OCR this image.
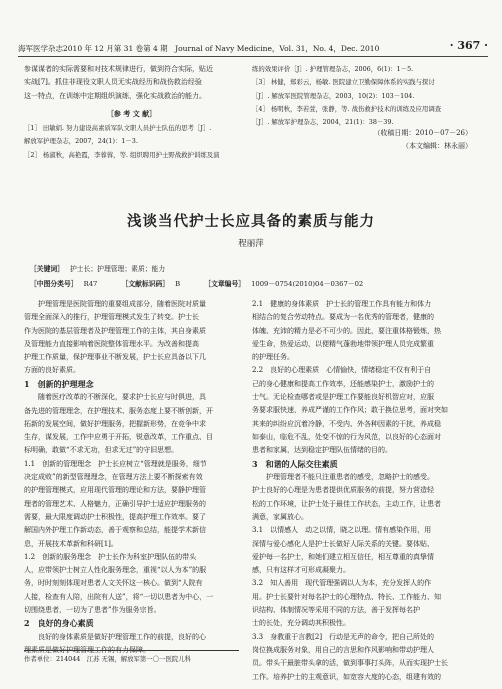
海军医学杂志2010 年 12 月第 31 卷第 4 期　Journal of Navy Medicine，Vol. 31，No. 4，Dec. 2010	· 367 ·

参谋谋者的实际需要和对技术规律进行，做到符合实际，贴近

实战[7]。抓住非现役文职人员无实战经历和战伤救治经验

这一特点，在训练中定期组织演练，强化实战救治的能力。

［参 考 文 献］

［1］ 田敏娟. 努力建设高素质军队文职人员护士队伍的思考［J］.

解放军护理杂志，2007，24(1)：1－3.

［2］ 杨淑秋，高艳霞，李蓉蓉，等. 组织聘用护士野战救护训练及演

练的效果评价［J］. 护理管理杂志，2006，6(1)：1－5.

［3］ 林健，郑彩云，杨敏. 医院建立卫勤保障体系的实践与探讨

［J］. 解放军医院管理杂志，2003，10(2)：103－104.

［4］ 杨明秋，李若萱，张静，等. 战伤救护技术的训练及应用调查

［J］. 解放军护理杂志，2004，21(1)：38－39.

（收稿日期：2010－07－26）
（本文编辑：林永丽）
浅谈当代护士长应具备的素质与能力
程丽萍
［关键词］ 护士长；护理管理；素质；能力
［中图分类号］ R47	［文献标识码］ B	［文章编号］ 1009－0754(2010)04－0367－02

　　护理管理是医院管理的重要组成部分，随着医院对质量

管理全面深入的推行，护理管理模式发生了转变。护士长

作为医院的基层管理者及护理管理工作的主体，其自身素质

及管理能力直接影响着医院整体管理水平。为改善和提高

护理工作质量，保护理事业不断发展，护士长应具备以下几

方面的良好素质。

1　创新的护理理念

　　随着医疗改革的不断深化，要求护士长应与时俱进，具

备先进的管理理念，在护理技术、服务态度上要不断创新，开

拓新的发展空间，做好护理服务，把握新形势，在竞争中求

生存，谋发展，工作中应勇于开拓，锐意改革，工作重点、目

标明确，敢做“不求无功，但求无过”的守旧思想。

1.1　创新的管理理念　护士长应树立“管理就是服务，细节

决定成败”的新型管理理念，在管理方法上要不断探索有效

的护理管理模式，应用现代管理的理论和方法，要静护理管

理者的管理艺术、人格魅力，正确引导护士适应护理服务的

需要，最大限度调动护士积极性，提高护理工作效率。要了

解国内外护理工作新动态，善于观察和总结，能提学术新信

息，开展技术革新和科研[1]。

1.2　创新的服务理念　护士长作为科室护理队伍的带头

人，应带领护士树立人性化服务理念，重视“以人为本”的服

务，时时刻刻体现对患者人文关怀这一核心。做到“人院有

人接，检查有人陪，出院有人送”，将“一切以患者为中心，一

切围绕患者，一切为了患者”作为服务宗旨。

2　良好的身心素质

　　良好的身体素质是做好护理管理工作的前提，良好的心

理素质是做好护理管理工作的有力保障。

作者单位：214044　江苏 无锡，解放军第一〇一医院儿科

2.1　健康的身体素质　护士长的管理工作具有能力和体力

相结合的复合劳动特点。要成为一名优秀的管理者，健康的

体魄、充沛的精力是必不可少的。因此，要注重体格锻炼，热

爱生命，热爱运动，以便精气蓬勃地带领护理人员完成繁重

的护理任务。

2.2　良好的心理素质　心情愉快，情绪稳定不仅有利于自

己的身心健康和提高工作效率，还能感染护士，激励护士的

士气。无论检查哪者或是护理工作要能良好机智应对，应服

务要求服快速，养成严谨的工作作风；敢于换位思考，面对突如

其来的纠纷应沉着冷静，不受内、外各种因素的干扰，养成稳

如泰山，临危不乱，处变不惊的行为风范，以良好的心态面对

患者和家属，达到稳定护理队伍情绪的目的。

3　和谐的人际交往素质

　　护理管理者不能只注重患者的感受，忽略护士的感受。

护士良好的心理是为患者提供优质服务的前提，努力营造轻

松的工作环境，让护士处于最佳工作状态，主动工作，让患者

满意，家属放心。

3.1　以情感人　动之以情，晓之以理。情有感染作用，用

深情与爱心感化人是护士长做好人际关系的关键。要体贴、

爱护每一名护士，和她们建立相互信任，相互尊重的真挚情

感，只有这样才可形成凝聚力。

3.2　知人善用　现代管理强调以人为本，充分发挥人的作

用。护士长要针对每名护士的心理特点、特长、工作能力、知

识结构、体制情况等采用不同的方法，善于发挥每名护

士的长处，充分调动其积极性。

3.3　身教重于言教[2]　行动是无声的命令，把自己所处的

岗位换成服务对象，用自己的言思和作风影响和带动护理人

员。带头干最脏带头拿的活，做到事事打头阵，从而实现护士长

工作。培养护士的主观意识，如宽容大度的心态，组建有效的
